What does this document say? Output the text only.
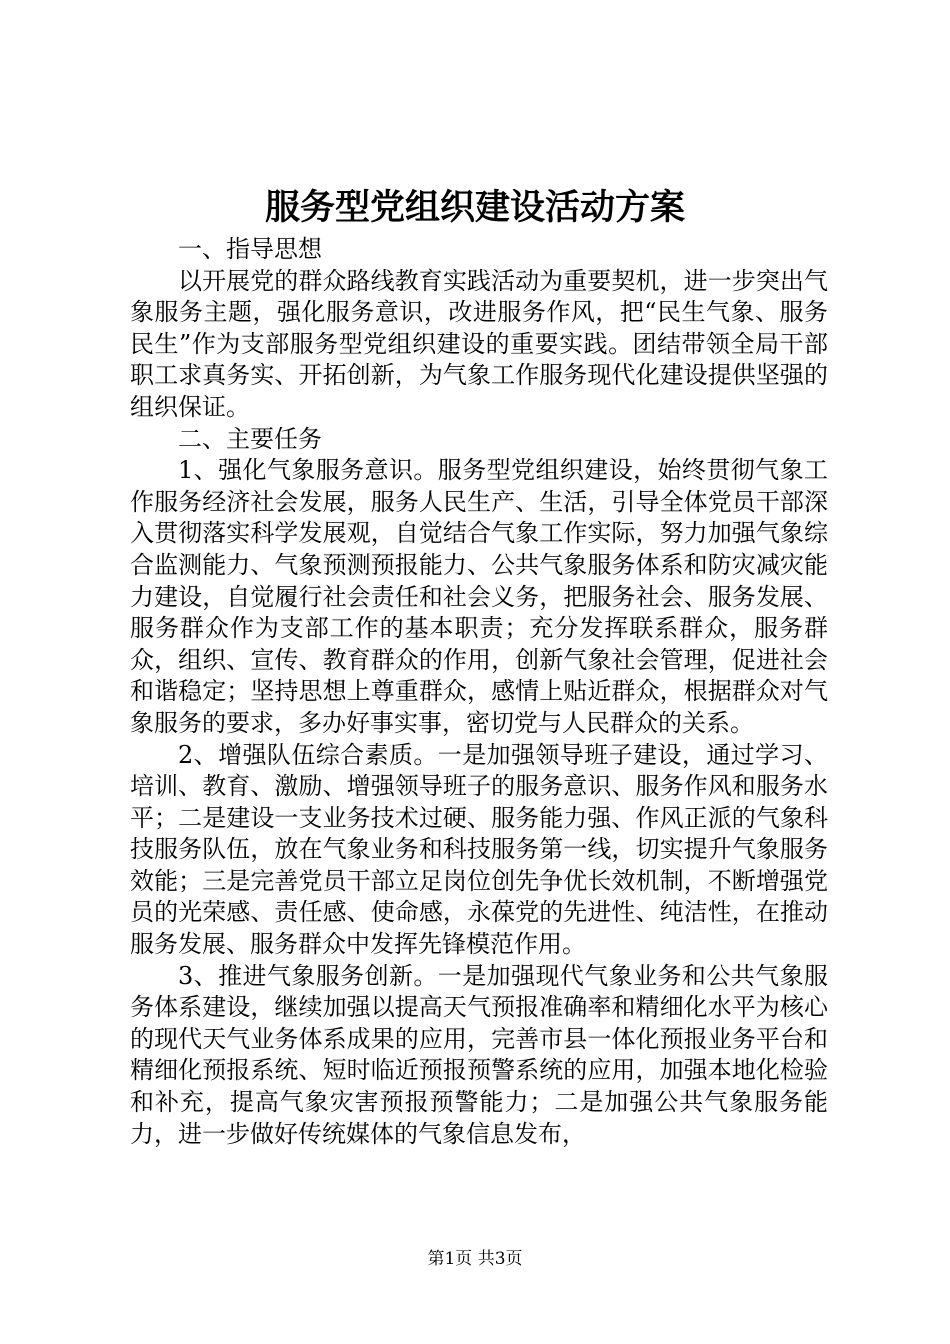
服务型党组织建设活动方案

一、指导思想

以开展党的群众路线教育实践活动为重要契机，进一步突出气象服务主题，强化服务意识，改进服务作风，把“民生气象、服务民生”作为支部服务型党组织建设的重要实践。团结带领全局干部职工求真务实、开拓创新，为气象工作服务现代化建设提供坚强的组织保证。

二、主要任务

1、强化气象服务意识。服务型党组织建设，始终贯彻气象工作服务经济社会发展，服务人民生产、生活，引导全体党员干部深入贯彻落实科学发展观，自觉结合气象工作实际，努力加强气象综合监测能力、气象预测预报能力、公共气象服务体系和防灾减灾能力建设，自觉履行社会责任和社会义务，把服务社会、服务发展、服务群众作为支部工作的基本职责；充分发挥联系群众，服务群众，组织、宣传、教育群众的作用，创新气象社会管理，促进社会和谐稳定；坚持思想上尊重群众，感情上贴近群众，根据群众对气象服务的要求，多办好事实事，密切党与人民群众的关系。

2、增强队伍综合素质。一是加强领导班子建设，通过学习、培训、教育、激励、增强领导班子的服务意识、服务作风和服务水平；二是建设一支业务技术过硬、服务能力强、作风正派的气象科技服务队伍，放在气象业务和科技服务第一线，切实提升气象服务效能；三是完善党员干部立足岗位创先争优长效机制，不断增强党员的光荣感、责任感、使命感，永葆党的先进性、纯洁性，在推动服务发展、服务群众中发挥先锋模范作用。

3、推进气象服务创新。一是加强现代气象业务和公共气象服务体系建设，继续加强以提高天气预报准确率和精细化水平为核心的现代天气业务体系成果的应用，完善市县一体化预报业务平台和精细化预报系统、短时临近预报预警系统的应用，加强本地化检验和补充，提高气象灾害预报预警能力；二是加强公共气象服务能力，进一步做好传统媒体的气象信息发布，

第1页 共3页
